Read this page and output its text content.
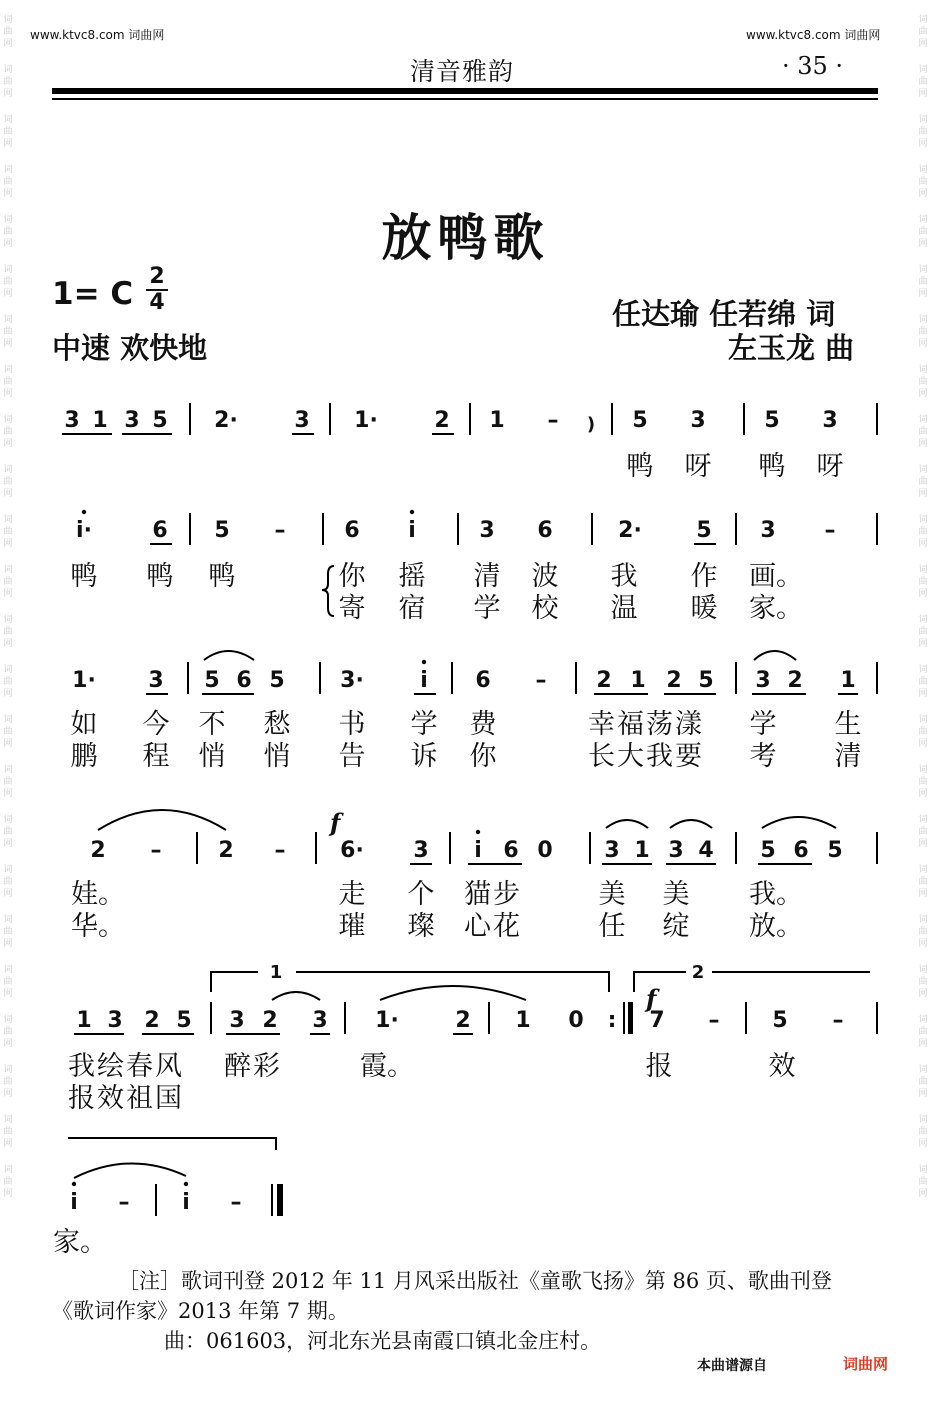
词
曲
网
词
曲
网
词
曲
网
词
曲
网
词
曲
网
词
曲
网
词
曲
网
词
曲
网
词
曲
网
词
曲
网
词
曲
网
词
曲
网
词
曲
网
词
曲
网
词
曲
网
词
曲
网
词
曲
网
词
曲
网
词
曲
网
词
曲
网
词
曲
网
词
曲
网
词
曲
网
词
曲
网
词
曲
网
词
曲
网
词
曲
网
词
曲
网
词
曲
网
词
曲
网
词
曲
网
词
曲
网
词
曲
网
词
曲
网
词
曲
网
词
曲
网
词
曲
网
词
曲
网
词
曲
网
词
曲
网
词
曲
网
词
曲
网
词
曲
网
词
曲
网
词
曲
网
词
曲
网
词
曲
网
词
曲
网
www.ktvc8.com 词曲网	www.ktvc8.com 词曲网
清音雅韵	· 35 ·
放鸭歌
1= C 2
4
中速 欢快地
任达瑜 任若绵 词
左玉龙 曲
3 1 3 5	2·	3	1·	2	1	–	)	5	3	5	3
鸭	呀	鸭	呀
i·	6	5	–	6	i	3	6	2·	5	3	–
鸭	鸭	鸭	你	摇	清	波	我	作	画。
寄	宿	学	校	温	暖	家。
1·	3	5 6 5	3·	i	6	–	2 1 2 5	3 2	1
如	今	不	愁	书	学	费	幸福荡漾	学	生
鹏	程	悄	悄	告	诉	你	长大我要	考	清
f
2	–	2	–	6·	3	i 6 0	3 1 3 4	5 6 5
娃。	走	个	猫步	美	美	我。
华。	璀	璨	心花	任	绽	放。
1	2
f
1 3 2 5	3 2	3	1·	2	1	0	:	7	–	5	–
我绘春风 醉彩	霞。	报	效
报效祖国
i	–	i	–
家。

［注］歌词刊登 2012 年 11 月风采出版社《童歌飞扬》第 86 页、歌曲刊登

《歌词作家》2013 年第 7 期。

曲：061603，河北东光县南霞口镇北金庄村。

本曲谱源自	词曲网
